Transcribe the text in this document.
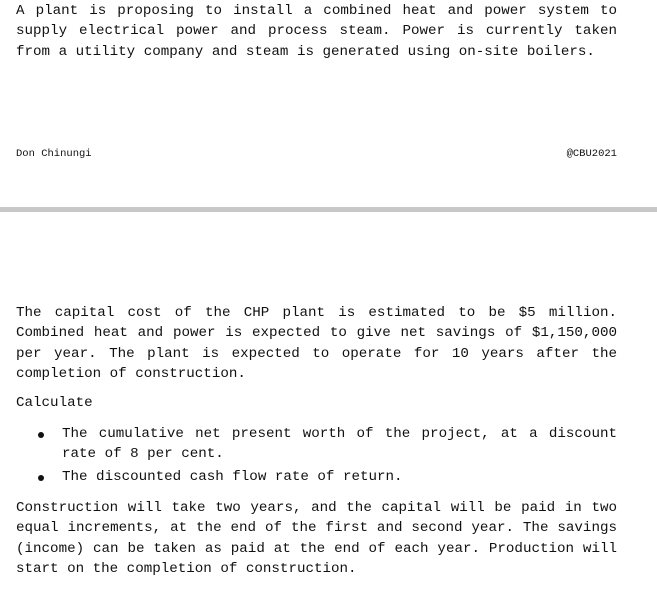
A plant is proposing to install a combined heat and power system to supply electrical power and process steam. Power is currently taken from a utility company and steam is generated using on-site boilers.

Don Chinungi	@CBU2021

The capital cost of the CHP plant is estimated to be $5 million. Combined heat and power is expected to give net savings of $1,150,000 per year. The plant is expected to operate for 10 years after the completion of construction.

Calculate

The cumulative net present worth of the project, at a discount rate of 8 per cent.
The discounted cash flow rate of return.

Construction will take two years, and the capital will be paid in two equal increments, at the end of the first and second year. The savings (income) can be taken as paid at the end of each year. Production will start on the completion of construction.
